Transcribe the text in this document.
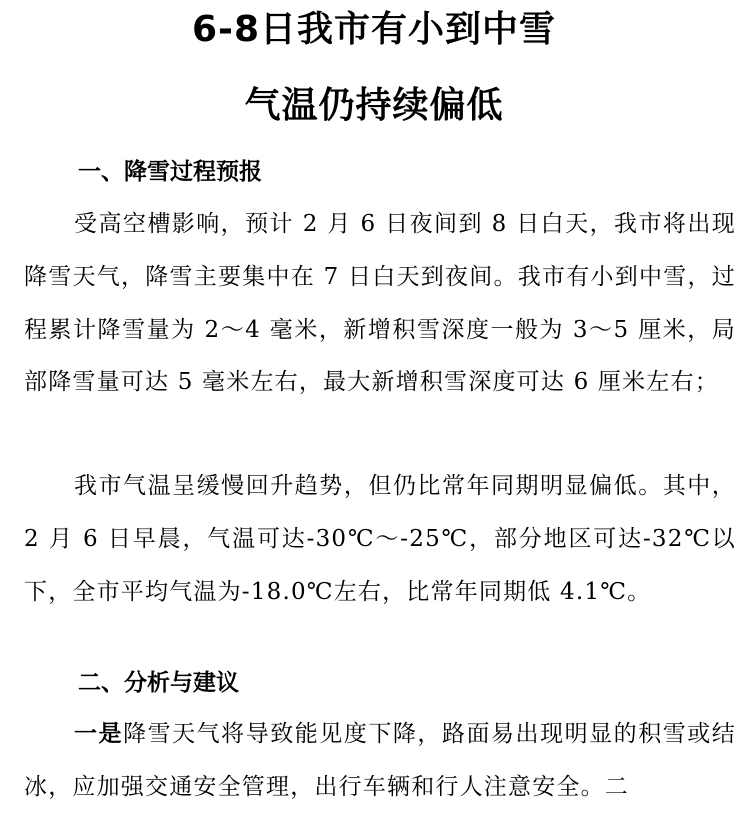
6-8日我市有小到中雪
气温仍持续偏低
一、降雪过程预报

受高空槽影响，预计 2 月 6 日夜间到 8 日白天，我市将出现降雪天气，降雪主要集中在 7 日白天到夜间。我市有小到中雪，过程累计降雪量为 2～4 毫米，新增积雪深度一般为 3～5 厘米，局部降雪量可达 5 毫米左右，最大新增积雪深度可达 6 厘米左右；

我市气温呈缓慢回升趋势，但仍比常年同期明显偏低。其中，2 月 6 日早晨，气温可达-30℃～-25℃，部分地区可达-32℃以下，全市平均气温为-18.0℃左右，比常年同期低 4.1℃。

二、分析与建议

一是降雪天气将导致能见度下降，路面易出现明显的积雪或结冰，应加强交通安全管理，出行车辆和行人注意安全。二
